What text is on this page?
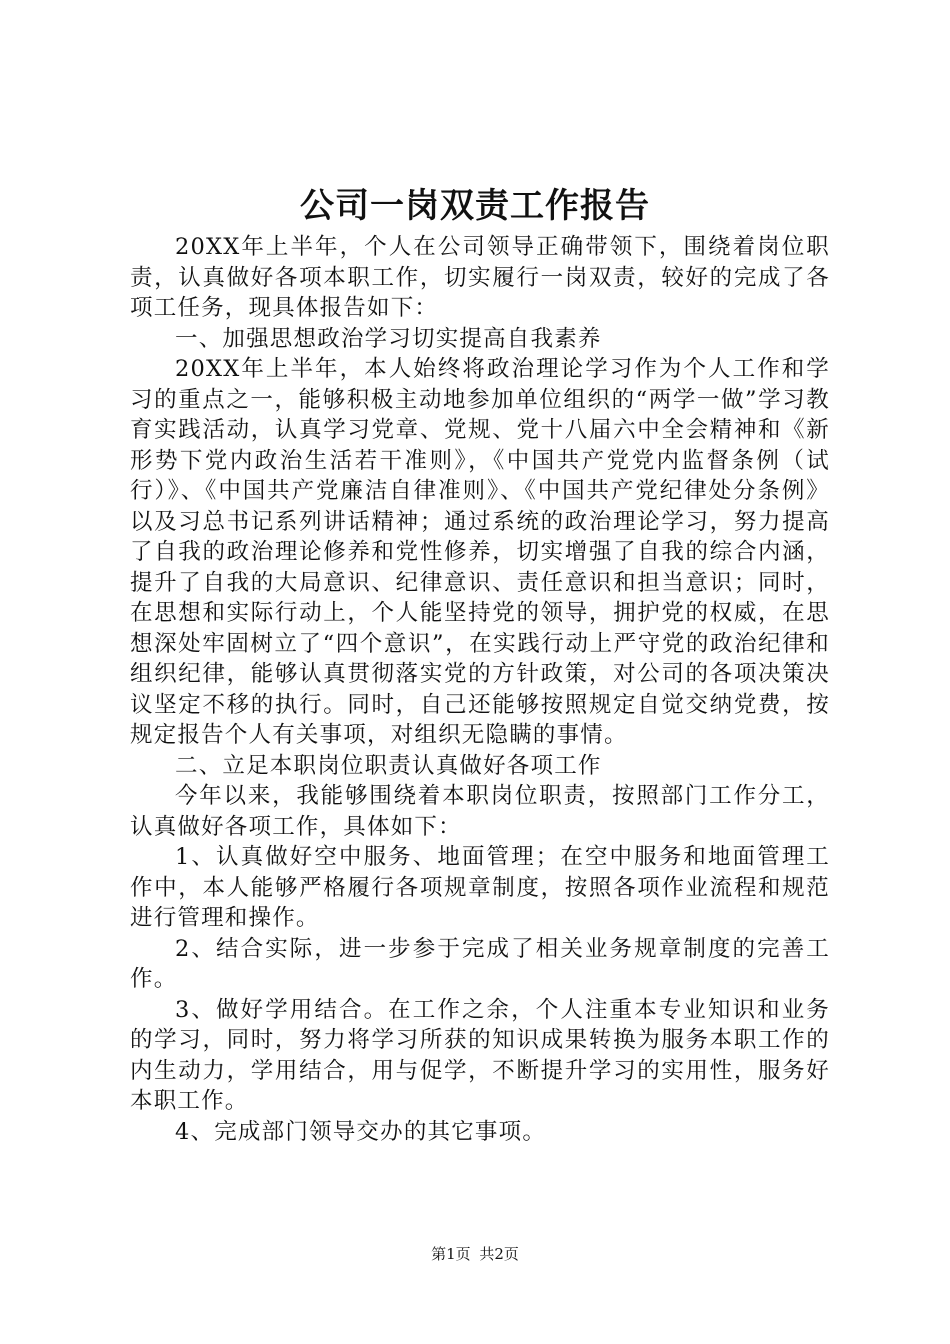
公司一岗双责工作报告

20XX年上半年，个人在公司领导正确带领下，围绕着岗位职责，认真做好各项本职工作，切实履行一岗双责，较好的完成了各项工任务，现具体报告如下：

一、加强思想政治学习切实提高自我素养

20XX年上半年，本人始终将政治理论学习作为个人工作和学习的重点之一，能够积极主动地参加单位组织的“两学一做”学习教育实践活动，认真学习党章、党规、党十八届六中全会精神和《新形势下党内政治生活若干准则》，《中国共产党党内监督条例（试行）》、《中国共产党廉洁自律准则》、《中国共产党纪律处分条例》以及习总书记系列讲话精神；通过系统的政治理论学习，努力提高了自我的政治理论修养和党性修养，切实增强了自我的综合内涵，提升了自我的大局意识、纪律意识、责任意识和担当意识；同时，在思想和实际行动上，个人能坚持党的领导，拥护党的权威，在思想深处牢固树立了“四个意识”，在实践行动上严守党的政治纪律和组织纪律，能够认真贯彻落实党的方针政策，对公司的各项决策决议坚定不移的执行。同时，自己还能够按照规定自觉交纳党费，按规定报告个人有关事项，对组织无隐瞒的事情。

二、立足本职岗位职责认真做好各项工作

今年以来，我能够围绕着本职岗位职责，按照部门工作分工，认真做好各项工作，具体如下：

1、认真做好空中服务、地面管理；在空中服务和地面管理工作中，本人能够严格履行各项规章制度，按照各项作业流程和规范进行管理和操作。

2、结合实际，进一步参于完成了相关业务规章制度的完善工作。

3、做好学用结合。在工作之余，个人注重本专业知识和业务的学习，同时，努力将学习所获的知识成果转换为服务本职工作的内生动力，学用结合，用与促学，不断提升学习的实用性，服务好本职工作。

4、完成部门领导交办的其它事项。

第1页 共2页
